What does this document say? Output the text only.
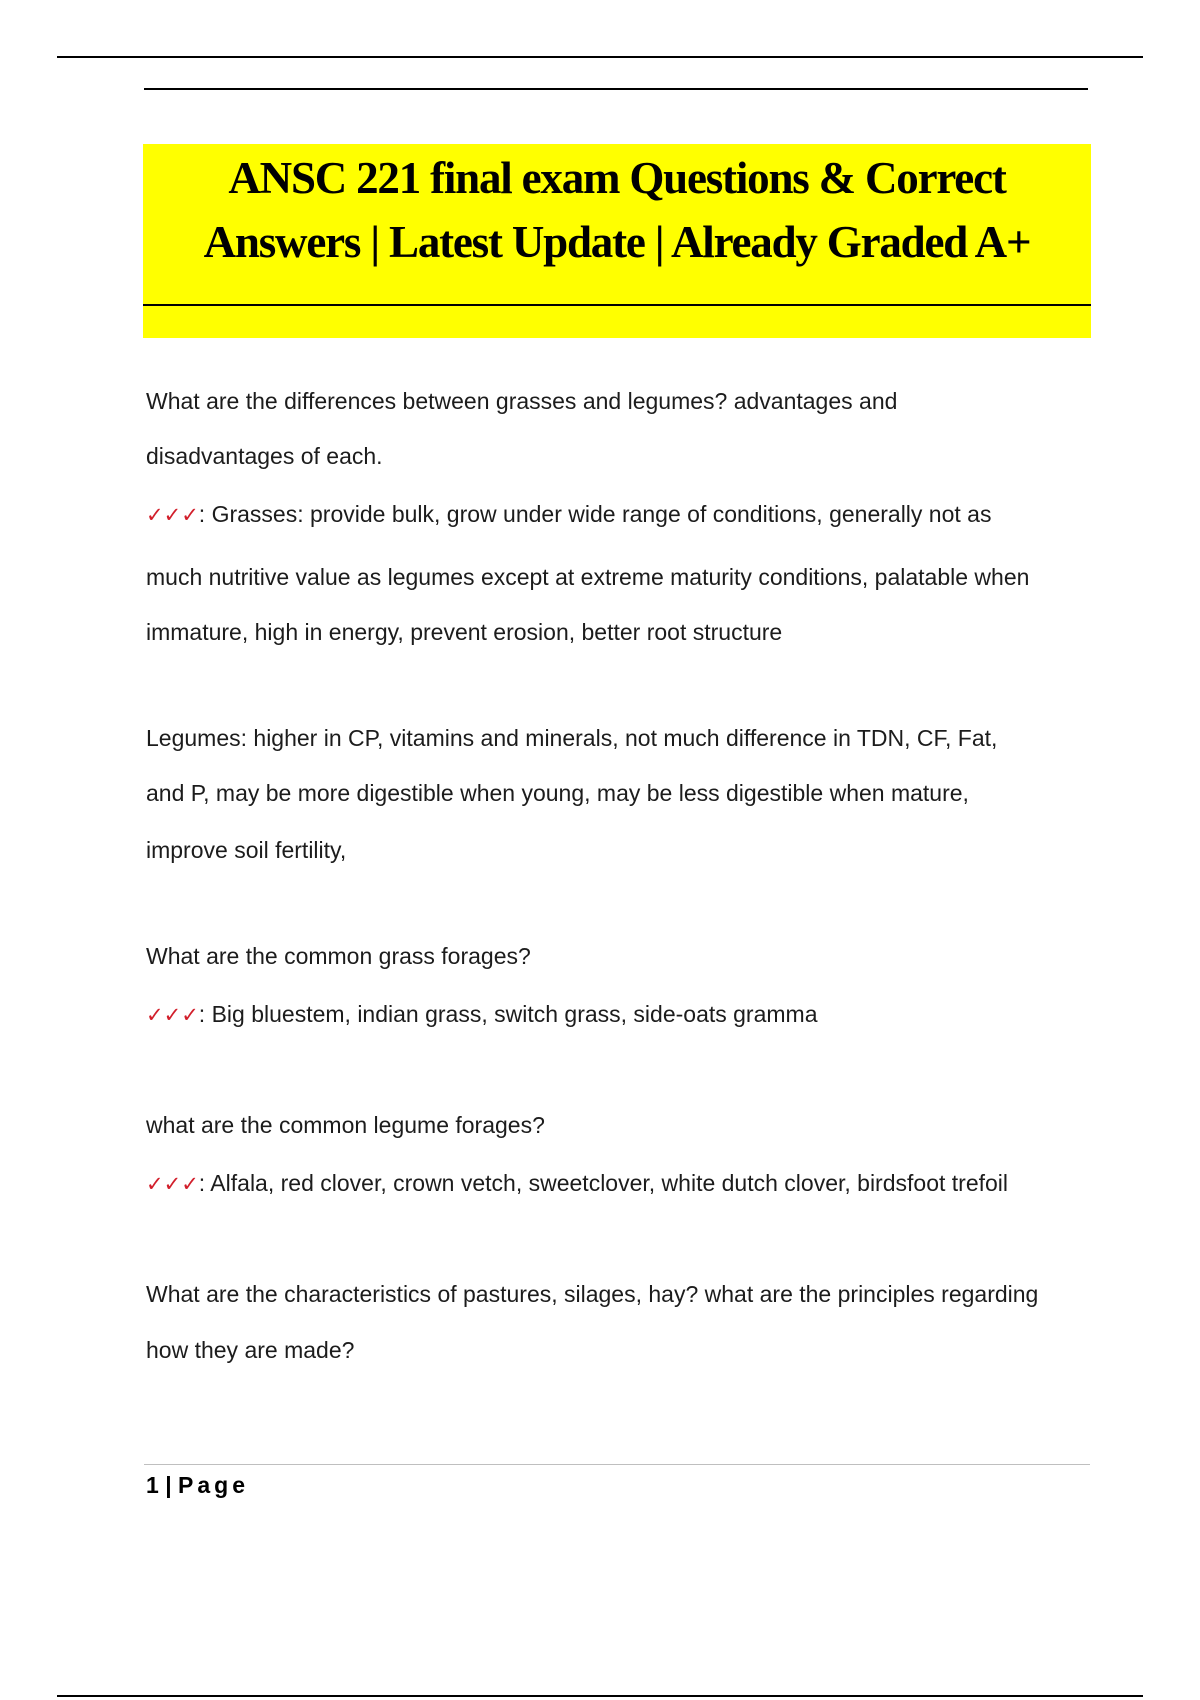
ANSC 221 final exam Questions & Correct
Answers | Latest Update | Already Graded A+
What are the differences between grasses and legumes? advantages and
disadvantages of each.
✓✓✓: Grasses: provide bulk, grow under wide range of conditions, generally not as
much nutritive value as legumes except at extreme maturity conditions, palatable when
immature, high in energy, prevent erosion, better root structure
Legumes: higher in CP, vitamins and minerals, not much difference in TDN, CF, Fat,
and P, may be more digestible when young, may be less digestible when mature,
improve soil fertility,
What are the common grass forages?
✓✓✓: Big bluestem, indian grass, switch grass, side-oats gramma
what are the common legume forages?
✓✓✓: Alfala, red clover, crown vetch, sweetclover, white dutch clover, birdsfoot trefoil
What are the characteristics of pastures, silages, hay? what are the principles regarding
how they are made?
1 | Page
